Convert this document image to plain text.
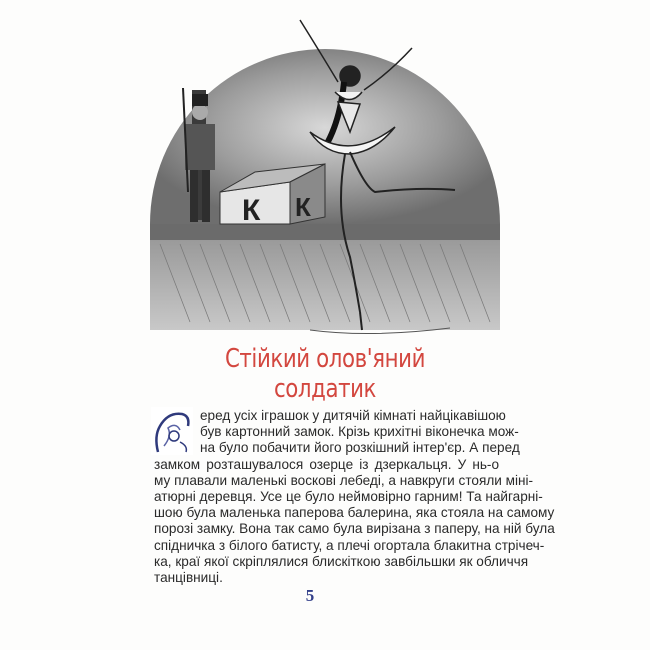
К К
Стійкий олов'яний
солдатик
еред усіх іграшок у дитячій кімнаті найцікавішою
був картонний замок. Крізь крихітні віконечка мож-
на було побачити його розкішний інтер'єр. А перед
замком розташувалося озерце із дзеркальця. У нь-о
му плавали маленькі воскові лебеді, а навкруги стояли міні-
атюрні деревця. Усе це було неймовірно гарним! Та найгарні-
шою була маленька паперова балерина, яка стояла на самому
порозі замку. Вона так само була вирізана з паперу, на ній була
спідничка з білого батисту, а плечі огортала блакитна стрічеч-
ка, краї якої скріплялися блискіткою завбільшки як обличчя
танцівниці.
5
